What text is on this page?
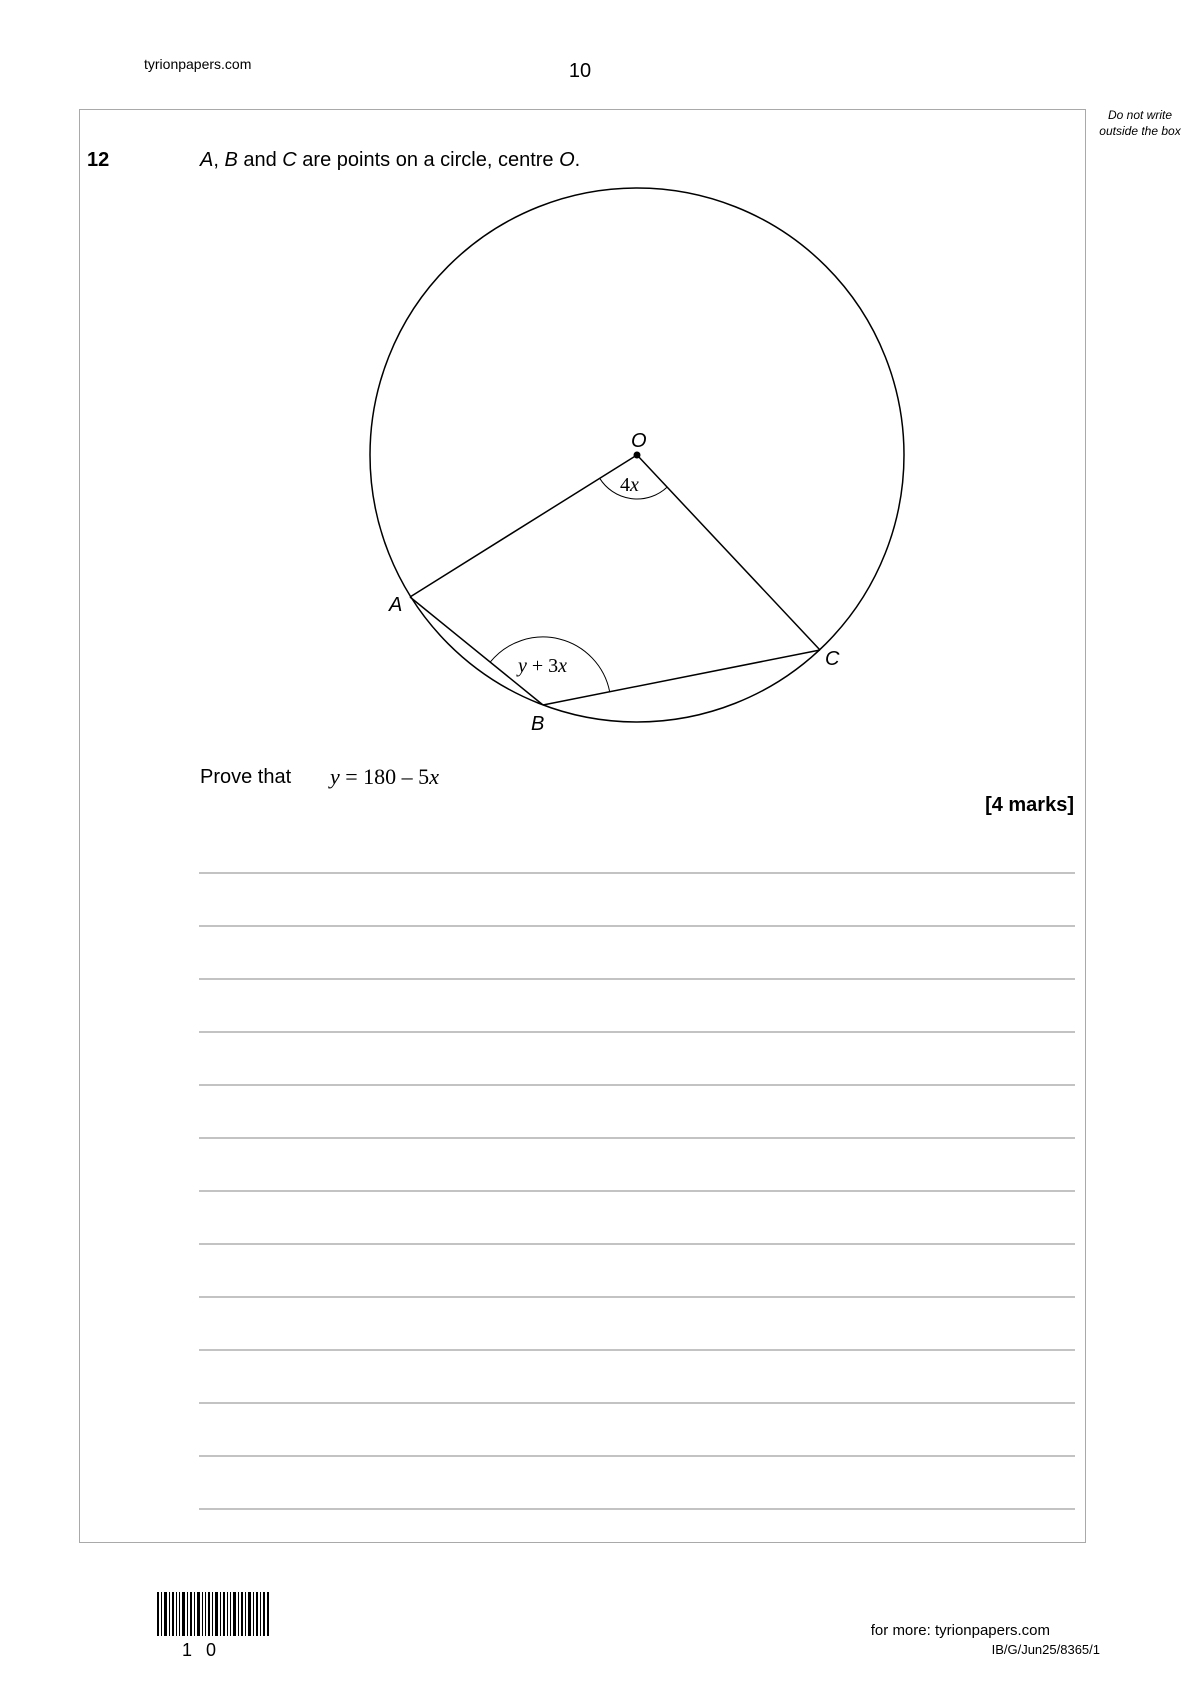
tyrionpapers.com	10
Do not write outside the box
12	A, B and C are points on a circle, centre O.
O
A
B
C
4x
y + 3x
Prove that y = 180 – 5x
[4 marks]
10
for more: tyrionpapers.com
IB/G/Jun25/8365/1
